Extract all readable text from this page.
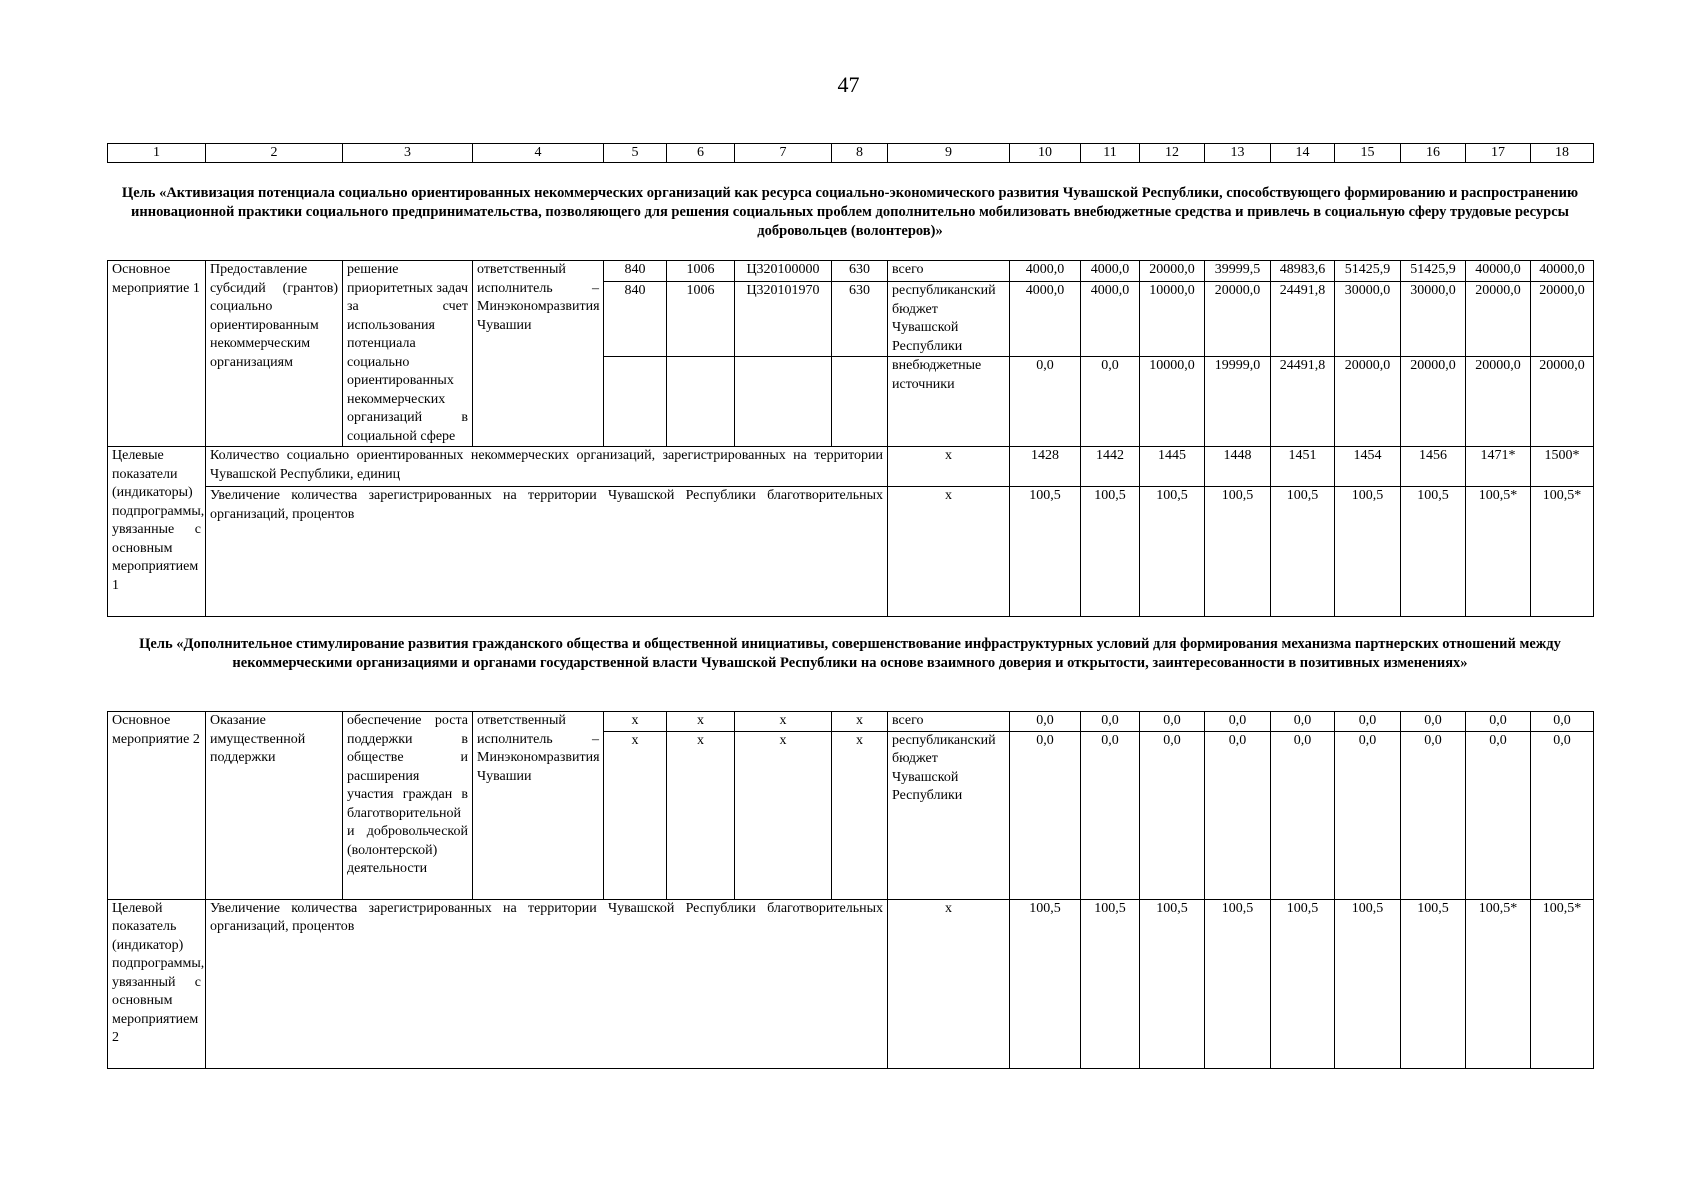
47
1	2	3	4	5	6	7	8	9	10	11	12	13	14	15	16	17	18
Цель «Активизация потенциала социально ориентированных некоммерческих организаций как ресурса социально-экономического развития Чувашской Республики, способствующего формированию и распространению инновационной практики социального предпринимательства, позволяющего для решения социальных проблем дополнительно мобилизовать внебюджетные средства и привлечь в социальную сферу трудовые ресурсы добровольцев (волонтеров)»
Основное мероприятие 1	Предоставление субсидий (грантов) социально ориентированным некоммерческим организациям	решение приоритетных задач за счет использования потенциала социально ориентированных некоммерческих организаций в социальной сфере	ответственный исполнитель – Минэкономразвития Чувашии	840	1006	Ц320100000	630	всего	4000,0	4000,0	20000,0	39999,5	48983,6	51425,9	51425,9	40000,0	40000,0
				840	1006	Ц320101970	630	республиканский бюджет Чувашской Республики	4000,0	4000,0	10000,0	20000,0	24491,8	30000,0	30000,0	20000,0	20000,0
								внебюджетные источники	0,0	0,0	10000,0	19999,0	24491,8	20000,0	20000,0	20000,0	20000,0
Целевые показатели (индикаторы) подпрограммы, увязанные с основным мероприятием 1	Количество социально ориентированных некоммерческих организаций, зарегистрированных на территории Чувашской Республики, единиц							x	1428	1442	1445	1448	1451	1454	1456	1471*	1500*
	Увеличение количества зарегистрированных на территории Чувашской Республики благотворительных организаций, процентов							x	100,5	100,5	100,5	100,5	100,5	100,5	100,5	100,5*	100,5*
Цель «Дополнительное стимулирование развития гражданского общества и общественной инициативы, совершенствование инфраструктурных условий для формирования механизма партнерских отношений между некоммерческими организациями и органами государственной власти Чувашской Республики на основе взаимного доверия и открытости, заинтересованности в позитивных изменениях»
Основное мероприятие 2	Оказание имущественной поддержки	обеспечение роста поддержки в обществе и расширения участия граждан в благотворительной и добровольческой (волонтерской) деятельности	ответственный исполнитель – Минэкономразвития Чувашии	x	x	x	x	всего	0,0	0,0	0,0	0,0	0,0	0,0	0,0	0,0	0,0
				x	x	x	x	республиканский бюджет Чувашской Республики	0,0	0,0	0,0	0,0	0,0	0,0	0,0	0,0	0,0
Целевой показатель (индикатор) подпрограммы, увязанный с основным мероприятием 2	Увеличение количества зарегистрированных на территории Чувашской Республики благотворительных организаций, процентов							x	100,5	100,5	100,5	100,5	100,5	100,5	100,5	100,5*	100,5*
